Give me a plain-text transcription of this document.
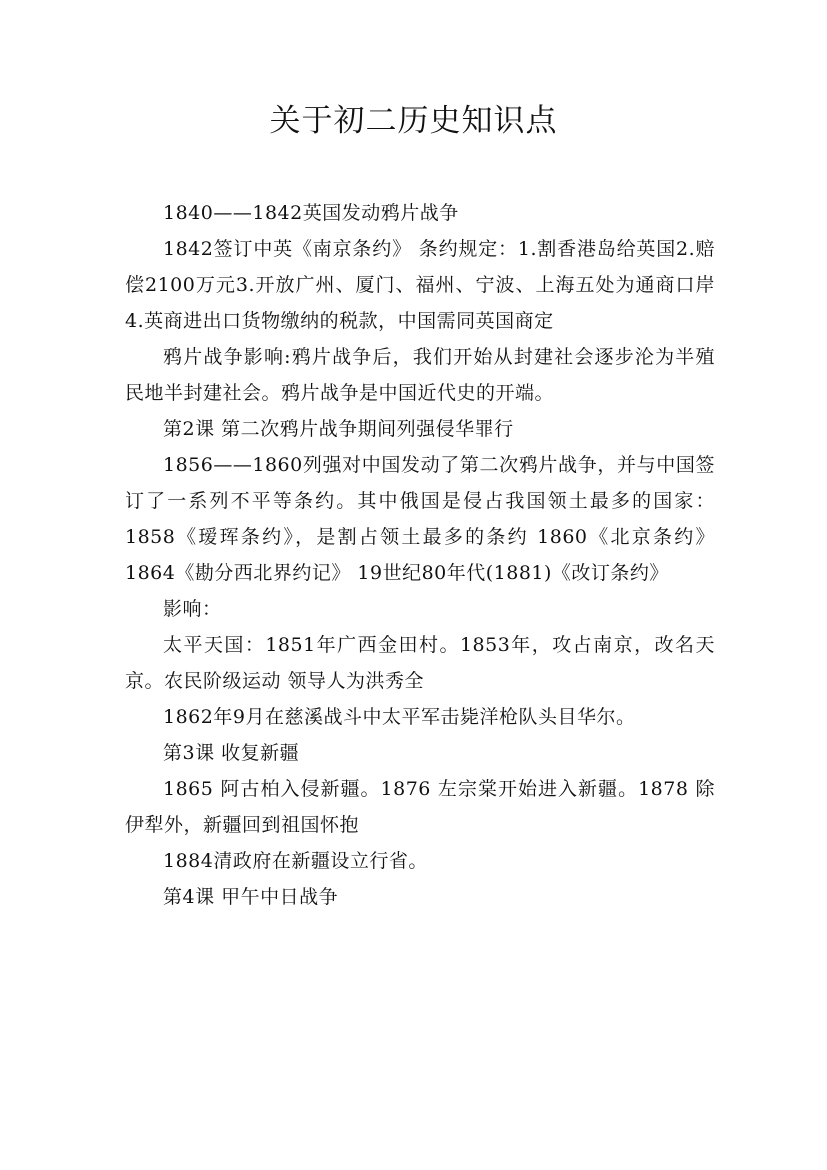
关于初二历史知识点

1840——1842英国发动鸦片战争

1842签订中英《南京条约》 条约规定：1.割香港岛给英国2.赔偿2100万元3.开放广州、厦门、福州、宁波、上海五处为通商口岸4.英商进出口货物缴纳的税款，中国需同英国商定

鸦片战争影响:鸦片战争后，我们开始从封建社会逐步沦为半殖民地半封建社会。鸦片战争是中国近代史的开端。

第2课 第二次鸦片战争期间列强侵华罪行

1856——1860列强对中国发动了第二次鸦片战争，并与中国签订了一系列不平等条约。其中俄国是侵占我国领土最多的国家：1858《瑷珲条约》，是割占领土最多的条约 1860《北京条约》 1864《勘分西北界约记》 19世纪80年代(1881)《改订条约》

影响：

太平天国：1851年广西金田村。1853年，攻占南京，改名天京。农民阶级运动 领导人为洪秀全

1862年9月在慈溪战斗中太平军击毙洋枪队头目华尔。

第3课 收复新疆

1865 阿古柏入侵新疆。1876 左宗棠开始进入新疆。1878 除伊犁外，新疆回到祖国怀抱

1884清政府在新疆设立行省。

第4课 甲午中日战争
